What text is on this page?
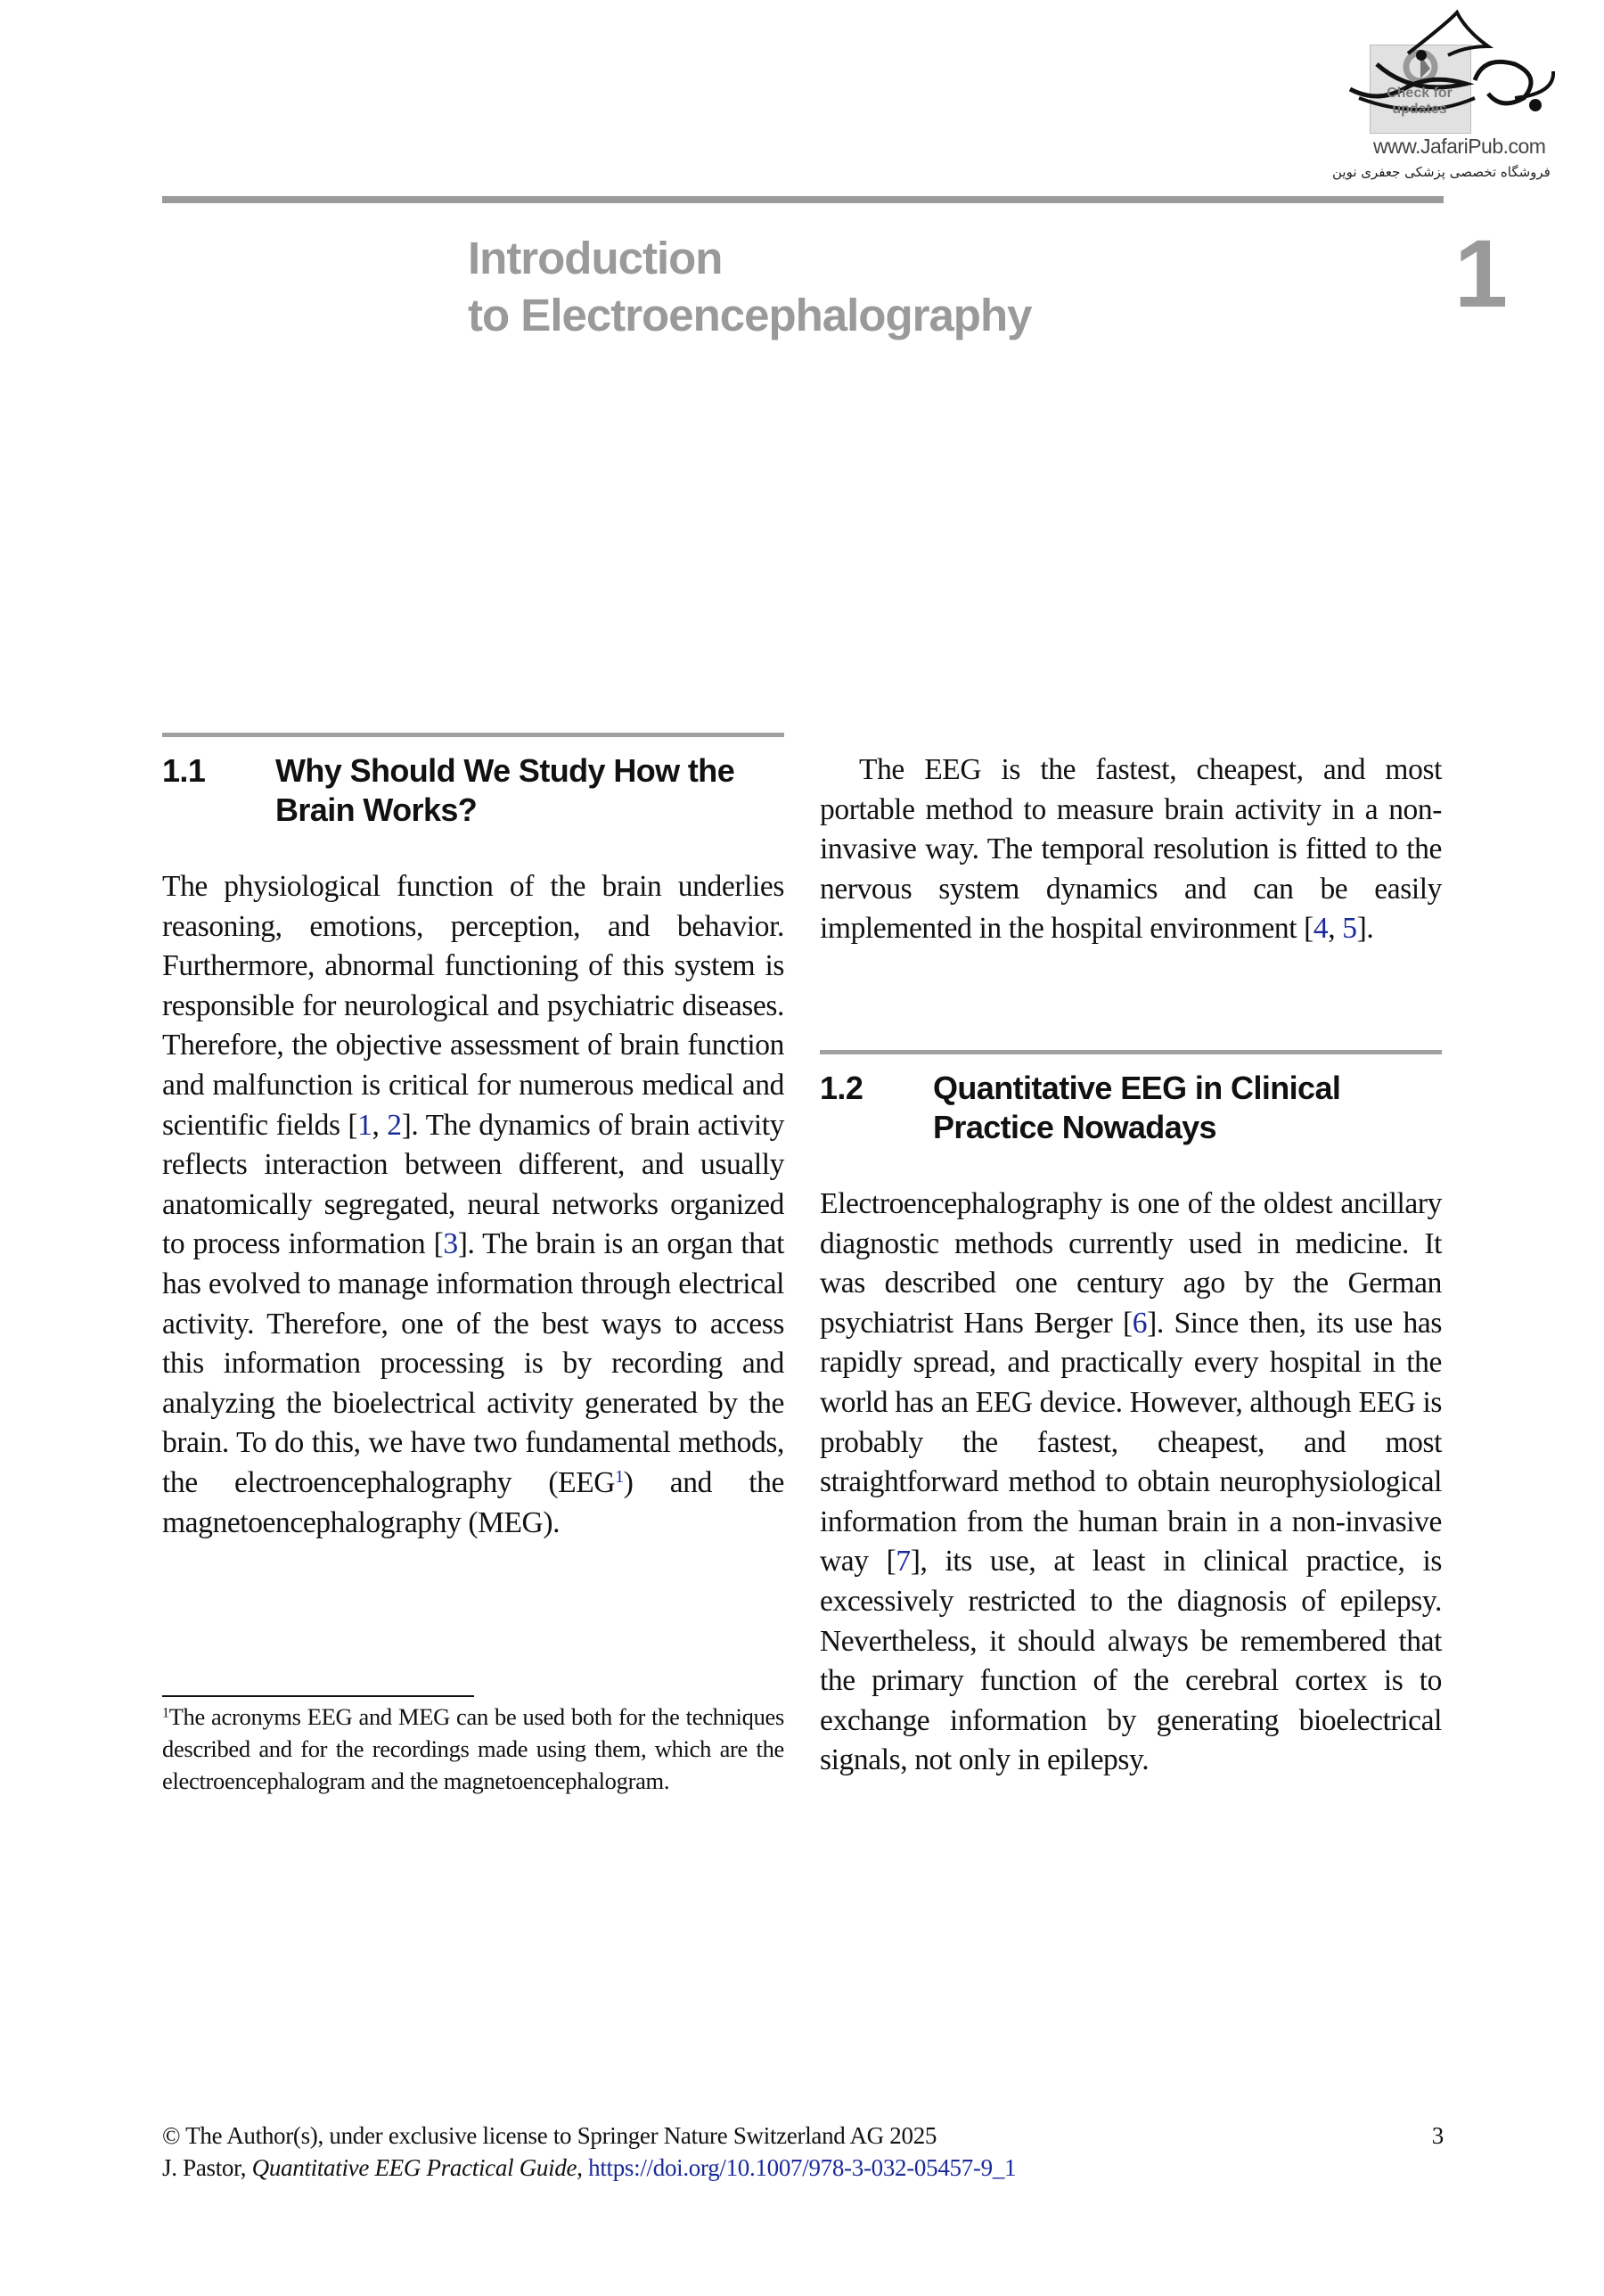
Check for
updates
www.JafariPub.com
فروشگاه تخصصی پزشکی جعفری نوین
Introduction
to Electroencephalography	1
1.1	Why Should We Study How the Brain Works?

The physiological function of the brain underlies reasoning, emotions, perception, and behavior. Furthermore, abnormal functioning of this system is responsible for neurological and psychiatric diseases. Therefore, the objective assessment of brain function and malfunction is critical for numerous medical and scientific fields [1, 2]. The dynamics of brain activity reflects interaction between different, and usually anatomically segregated, neural networks organized to process information [3]. The brain is an organ that has evolved to manage information through electrical activity. Therefore, one of the best ways to access this information processing is by recording and analyzing the bioelectrical activity generated by the brain. To do this, we have two fundamental methods, the electroencephalography (EEG$^1$) and the magnetoencephalography (MEG).

$^1$The acronyms EEG and MEG can be used both for the techniques described and for the recordings made using them, which are the electroencephalogram and the magnetoencephalogram.

The EEG is the fastest, cheapest, and most portable method to measure brain activity in a non-invasive way. The temporal resolution is fitted to the nervous system dynamics and can be easily implemented in the hospital environment [4, 5].

1.2	Quantitative EEG in Clinical Practice Nowadays

Electroencephalography is one of the oldest ancillary diagnostic methods currently used in medicine. It was described one century ago by the German psychiatrist Hans Berger [6]. Since then, its use has rapidly spread, and practically every hospital in the world has an EEG device. However, although EEG is probably the fastest, cheapest, and most straightforward method to obtain neurophysiological information from the human brain in a non-invasive way [7], its use, at least in clinical practice, is excessively restricted to the diagnosis of epilepsy. Nevertheless, it should always be remembered that the primary function of the cerebral cortex is to exchange information by generating bioelectrical signals, not only in epilepsy.

© The Author(s), under exclusive license to Springer Nature Switzerland AG 2025
J. Pastor, Quantitative EEG Practical Guide, https://doi.org/10.1007/978-3-032-05457-9_1
3
